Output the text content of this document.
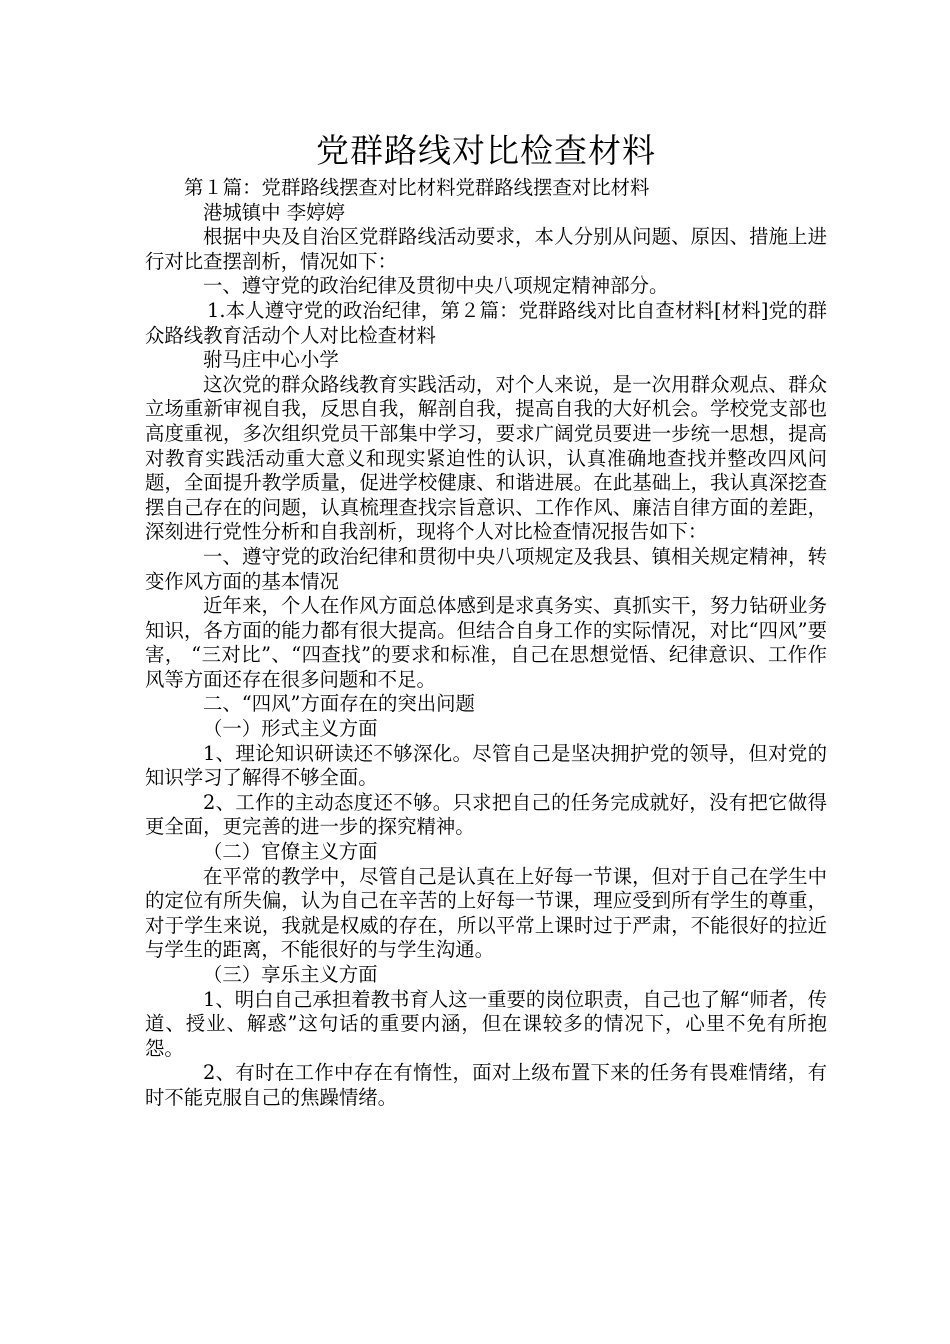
党群路线对比检查材料

第１篇：党群路线摆查对比材料党群路线摆查对比材料

港城镇中 李婷婷

根据中央及自治区党群路线活动要求，本人分别从问题、原因、措施上进行对比查摆剖析，情况如下：

一、遵守党的政治纪律及贯彻中央八项规定精神部分。

1.本人遵守党的政治纪律，第２篇：党群路线对比自查材料[材料]党的群众路线教育活动个人对比检查材料

驸马庄中心小学

这次党的群众路线教育实践活动，对个人来说，是一次用群众观点、群众立场重新审视自我，反思自我，解剖自我，提高自我的大好机会。学校党支部也高度重视，多次组织党员干部集中学习，要求广阔党员要进一步统一思想，提高对教育实践活动重大意义和现实紧迫性的认识，认真准确地查找并整改四风问题，全面提升教学质量，促进学校健康、和谐进展。在此基础上，我认真深挖查摆自己存在的问题，认真梳理查找宗旨意识、工作作风、廉洁自律方面的差距，深刻进行党性分析和自我剖析，现将个人对比检查情况报告如下：

一、遵守党的政治纪律和贯彻中央八项规定及我县、镇相关规定精神，转变作风方面的基本情况

近年来，个人在作风方面总体感到是求真务实、真抓实干，努力钻研业务知识，各方面的能力都有很大提高。但结合自身工作的实际情况，对比“四风”要害， “三对比”、“四查找”的要求和标准，自己在思想觉悟、纪律意识、工作作风等方面还存在很多问题和不足。

二、“四风”方面存在的突出问题

（一）形式主义方面

1、理论知识研读还不够深化。尽管自己是坚决拥护党的领导，但对党的知识学习了解得不够全面。

2、工作的主动态度还不够。只求把自己的任务完成就好，没有把它做得更全面，更完善的进一步的探究精神。

（二）官僚主义方面

在平常的教学中，尽管自己是认真在上好每一节课，但对于自己在学生中的定位有所失偏，认为自己在辛苦的上好每一节课，理应受到所有学生的尊重，对于学生来说，我就是权威的存在，所以平常上课时过于严肃，不能很好的拉近与学生的距离，不能很好的与学生沟通。

（三）享乐主义方面

1、明白自己承担着教书育人这一重要的岗位职责，自己也了解“师者，传道、授业、解惑”这句话的重要内涵，但在课较多的情况下，心里不免有所抱怨。

2、有时在工作中存在有惰性，面对上级布置下来的任务有畏难情绪，有时不能克服自己的焦躁情绪。
